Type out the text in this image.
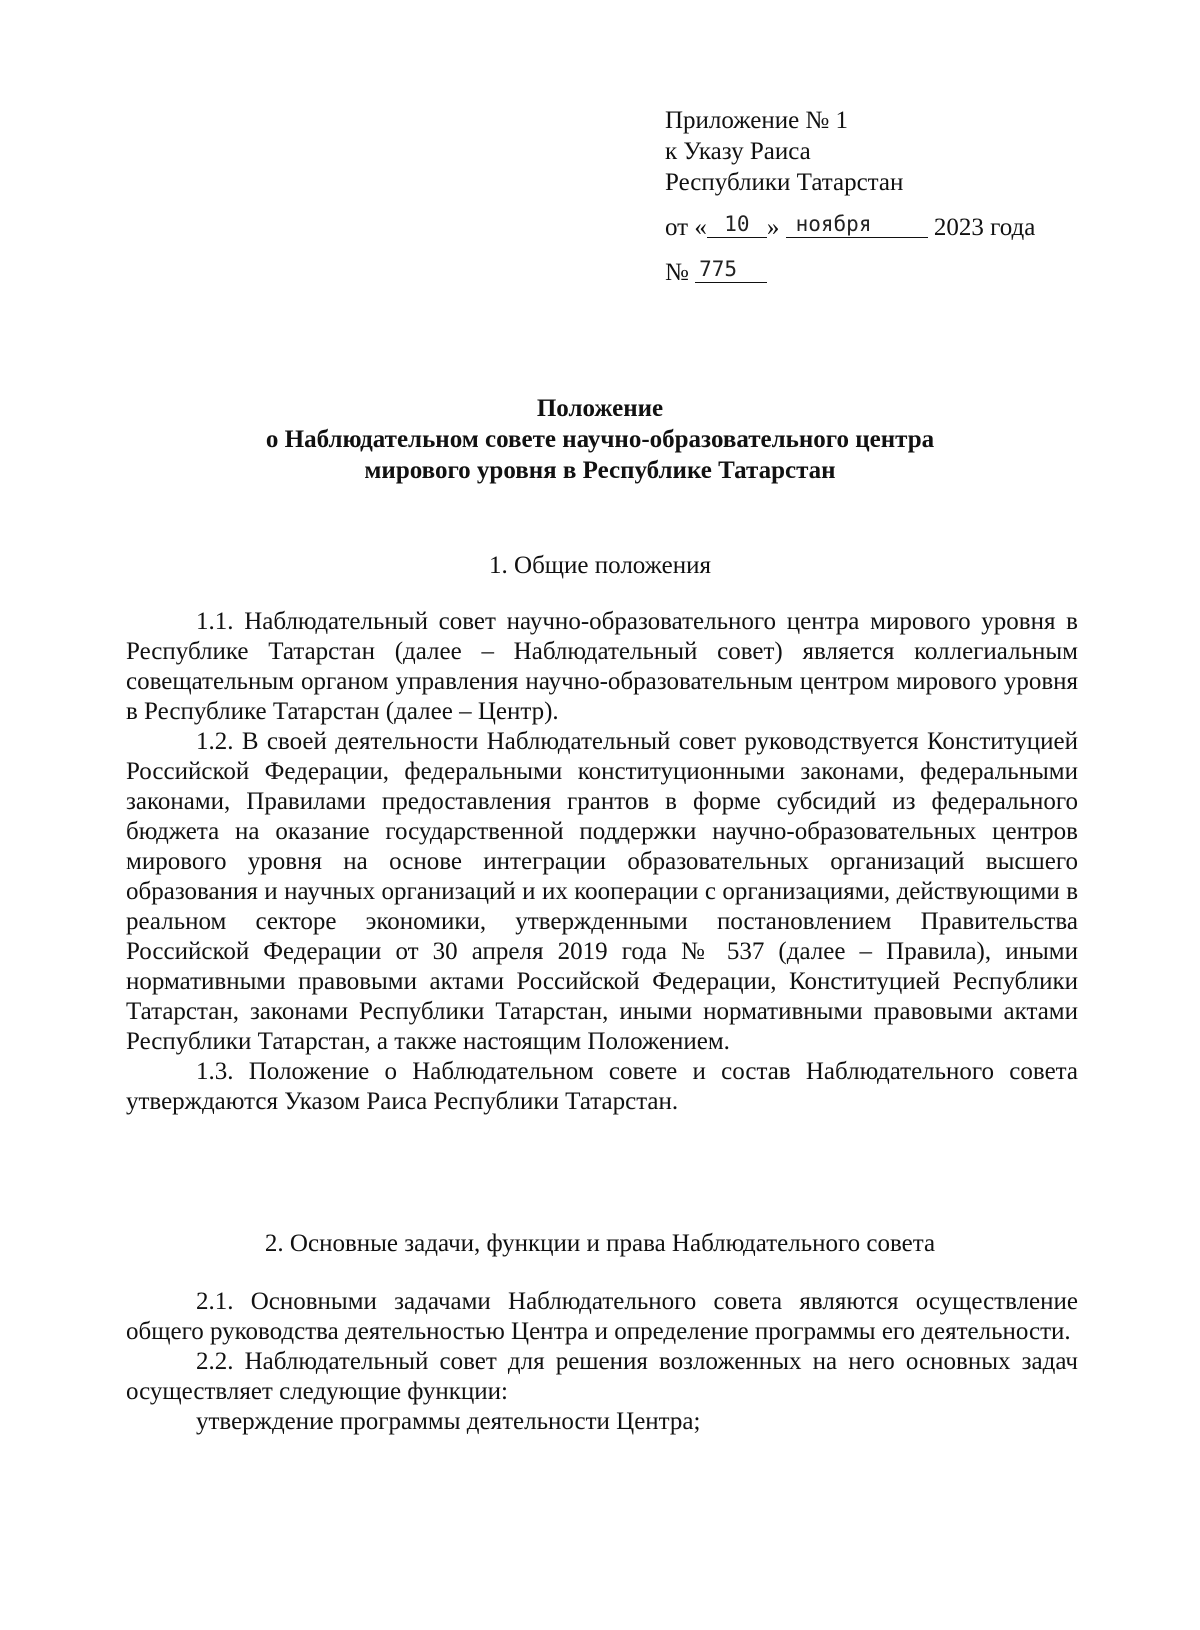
Приложение № 1
к Указу Раиса
Республики Татарстан
от « 10 » ноября 2023 года
№ 775
Положение
о Наблюдательном совете научно-образовательного центра
мирового уровня в Республике Татарстан
1. Общие положения

1.1. Наблюдательный совет научно-образовательного центра мирового уровня в Республике Татарстан (далее – Наблюдательный совет) является коллегиальным совещательным органом управления научно-образовательным центром мирового уровня в Республике Татарстан (далее – Центр).

1.2. В своей деятельности Наблюдательный совет руководствуется Конституцией Российской Федерации, федеральными конституционными законами, федеральными законами, Правилами предоставления грантов в форме субсидий из федерального бюджета на оказание государственной поддержки научно-образовательных центров мирового уровня на основе интеграции образовательных организаций высшего образования и научных организаций и их кооперации с организациями, действующими в реальном секторе экономики, утвержденными постановлением Правительства Российской Федерации от 30 апреля 2019 года № 537 (далее – Правила), иными нормативными правовыми актами Российской Федерации, Конституцией Республики Татарстан, законами Республики Татарстан, иными нормативными правовыми актами Республики Татарстан, а также настоящим Положением.

1.3. Положение о Наблюдательном совете и состав Наблюдательного совета утверждаются Указом Раиса Республики Татарстан.

2. Основные задачи, функции и права Наблюдательного совета

2.1. Основными задачами Наблюдательного совета являются осуществление общего руководства деятельностью Центра и определение программы его деятельности.

2.2. Наблюдательный совет для решения возложенных на него основных задач осуществляет следующие функции:

утверждение программы деятельности Центра;
